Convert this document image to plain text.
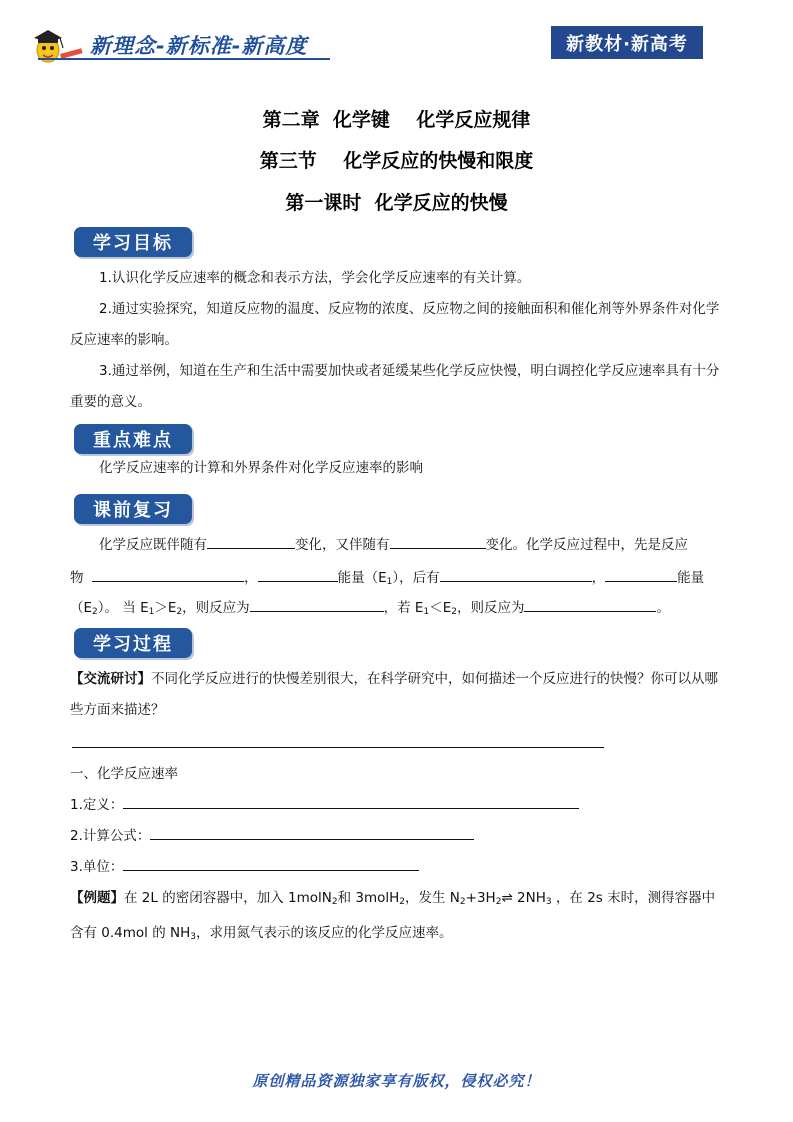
新理念-新标准-新高度	新教材·新高考
第二章  化学键    化学反应规律
第三节    化学反应的快慢和限度
第一课时  化学反应的快慢
学习目标
1.认识化学反应速率的概念和表示方法，学会化学反应速率的有关计算。
2.通过实验探究，知道反应物的温度、反应物的浓度、反应物之间的接触面积和催化剂等外界条件对化学反应速率的影响。
3.通过举例，知道在生产和生活中需要加快或者延缓某些化学反应快慢，明白调控化学反应速率具有十分重要的意义。
重点难点
化学反应速率的计算和外界条件对化学反应速率的影响
课前复习
化学反应既伴随有	变化，又伴随有	变化。化学反应过程中，先是反应
物	，	能量$(E_1)$，后有	，	能量
$(E_2)$。 当 $E_1>E_2$，则反应为	，若 $E_1<E_2$，则反应为	。
学习过程
【交流研讨】不同化学反应进行的快慢差别很大，在科学研究中，如何描述一个反应进行的快慢？你可以从哪些方面来描述？
一、化学反应速率
1.定义：
2.计算公式：
3.单位：
【例题】在 2L 的密闭容器中，加入 1molN$_2$和 3molH$_2$，发生 $N_2+3H_2\rightleftharpoons$ $2NH_3$ ，在 2s 末时，测得容器中含有 0.4mol 的 $NH_3$，求用氮气表示的该反应的化学反应速率。
原创精品资源独家享有版权，侵权必究！
